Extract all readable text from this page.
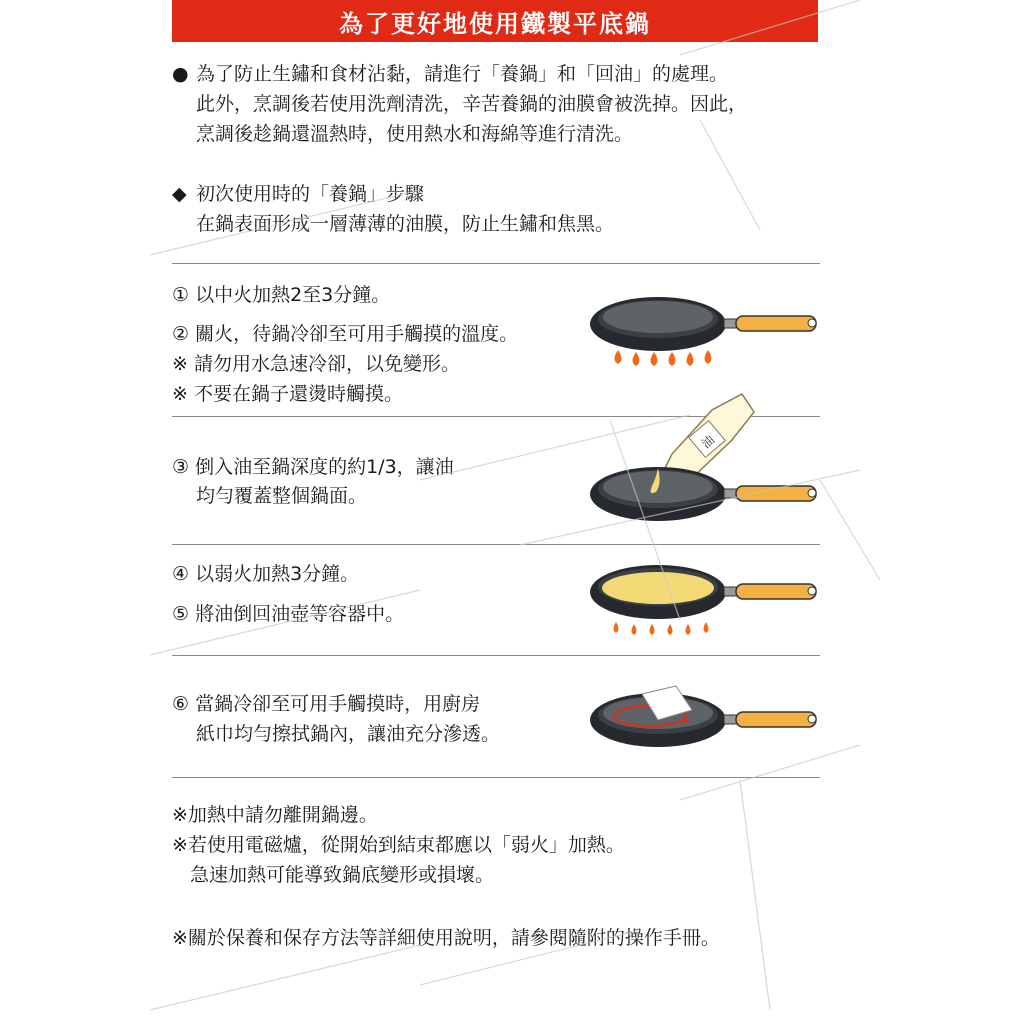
為了更好地使用鐵製平底鍋
● 為了防止生鏽和食材沾黏，請進行「養鍋」和「回油」的處理。
此外，烹調後若使用洗劑清洗，辛苦養鍋的油膜會被洗掉。因此，
烹調後趁鍋還溫熱時，使用熱水和海綿等進行清洗。
◆ 初次使用時的「養鍋」步驟
在鍋表面形成一層薄薄的油膜，防止生鏽和焦黑。
① 以中火加熱2至3分鐘。
② 關火，待鍋冷卻至可用手觸摸的溫度。
※ 請勿用水急速冷卻，以免變形。
※ 不要在鍋子還燙時觸摸。
③ 倒入油至鍋深度的約1/3，讓油
均勻覆蓋整個鍋面。
油
④ 以弱火加熱3分鐘。
⑤ 將油倒回油壺等容器中。
⑥ 當鍋冷卻至可用手觸摸時，用廚房
紙巾均勻擦拭鍋內，讓油充分滲透。
※加熱中請勿離開鍋邊。
※若使用電磁爐，從開始到結束都應以「弱火」加熱。
急速加熱可能導致鍋底變形或損壞。
※關於保養和保存方法等詳細使用說明，請參閱隨附的操作手冊。
